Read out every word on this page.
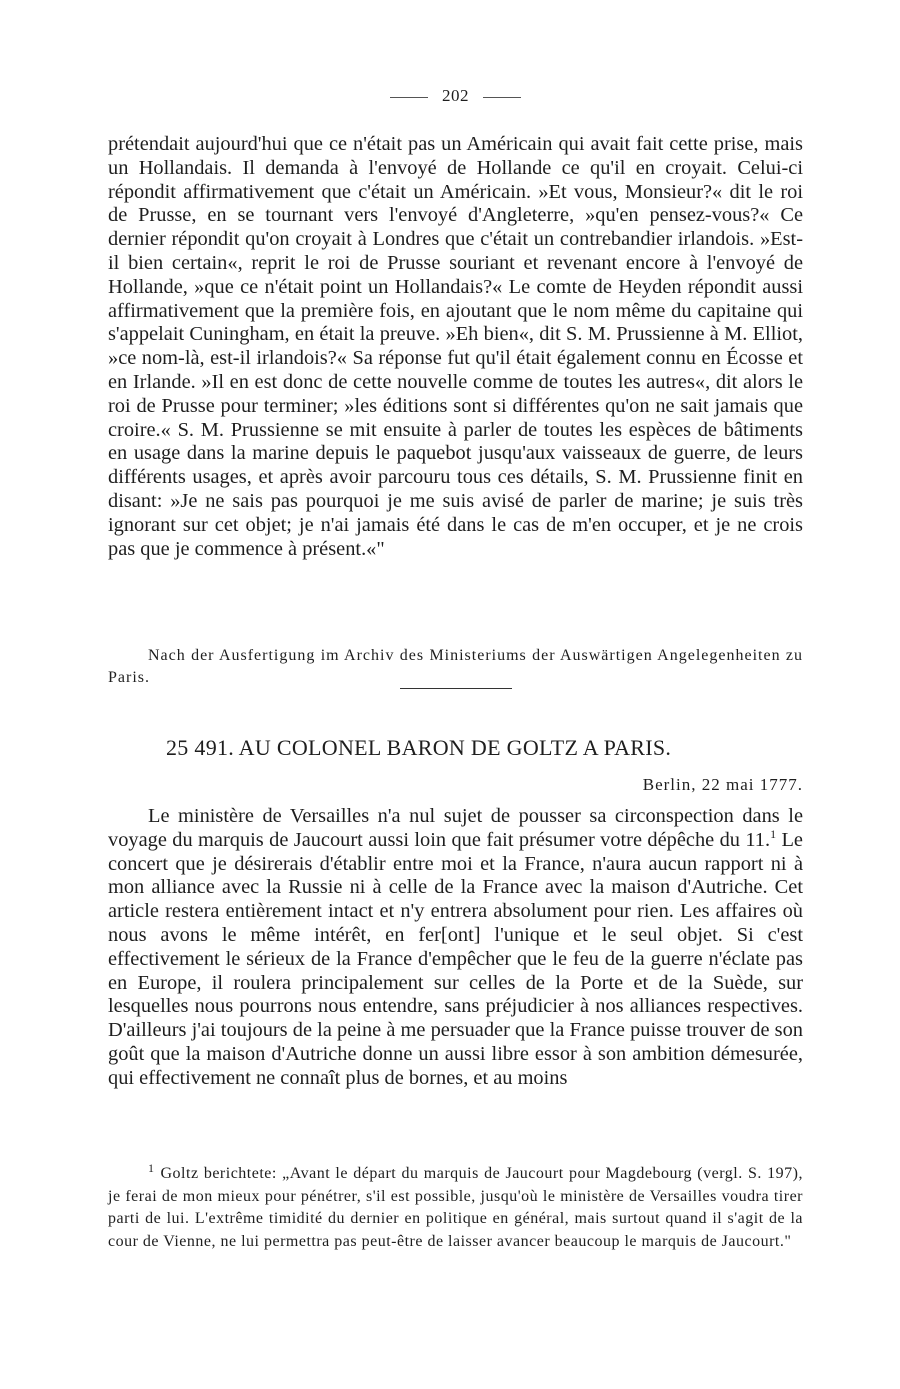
202

prétendait aujourd'hui que ce n'était pas un Américain qui avait fait cette prise, mais un Hollandais. Il demanda à l'envoyé de Hollande ce qu'il en croyait. Celui-ci répondit affirmativement que c'était un Américain. »Et vous, Monsieur?« dit le roi de Prusse, en se tournant vers l'envoyé d'Angleterre, »qu'en pensez-vous?« Ce dernier répondit qu'on croyait à Londres que c'était un contrebandier irlandois. »Est-il bien certain«, reprit le roi de Prusse souriant et revenant encore à l'envoyé de Hollande, »que ce n'était point un Hollandais?« Le comte de Heyden répondit aussi affirmativement que la première fois, en ajoutant que le nom même du capitaine qui s'appelait Cuningham, en était la preuve. »Eh bien«, dit S. M. Prussienne à M. Elliot, »ce nom-là, est-il irlandois?« Sa réponse fut qu'il était également connu en Écosse et en Irlande. »Il en est donc de cette nouvelle comme de toutes les autres«, dit alors le roi de Prusse pour terminer; »les éditions sont si différentes qu'on ne sait jamais que croire.« S. M. Prussienne se mit ensuite à parler de toutes les espèces de bâtiments en usage dans la marine depuis le paquebot jusqu'aux vaisseaux de guerre, de leurs différents usages, et après avoir parcouru tous ces détails, S. M. Prussienne finit en disant: »Je ne sais pas pourquoi je me suis avisé de parler de marine; je suis très ignorant sur cet objet; je n'ai jamais été dans le cas de m'en occuper, et je ne crois pas que je commence à présent.«"

Nach der Ausfertigung im Archiv des Ministeriums der Auswärtigen Angelegenheiten zu Paris.
25 491. AU COLONEL BARON DE GOLTZ A PARIS.
Berlin, 22 mai 1777.

Le ministère de Versailles n'a nul sujet de pousser sa circonspection dans le voyage du marquis de Jaucourt aussi loin que fait présumer votre dépêche du 11.$^1$ Le concert que je désirerais d'établir entre moi et la France, n'aura aucun rapport ni à mon alliance avec la Russie ni à celle de la France avec la maison d'Autriche. Cet article restera entièrement intact et n'y entrera absolument pour rien. Les affaires où nous avons le même intérêt, en fer[ont] l'unique et le seul objet. Si c'est effectivement le sérieux de la France d'empêcher que le feu de la guerre n'éclate pas en Europe, il roulera principalement sur celles de la Porte et de la Suède, sur lesquelles nous pourrons nous entendre, sans préjudicier à nos alliances respectives. D'ailleurs j'ai toujours de la peine à me persuader que la France puisse trouver de son goût que la maison d'Autriche donne un aussi libre essor à son ambition démesurée, qui effectivement ne connaît plus de bornes, et au moins

$^1$ Goltz berichtete: „Avant le départ du marquis de Jaucourt pour Magdebourg (vergl. S. 197), je ferai de mon mieux pour pénétrer, s'il est possible, jusqu'où le ministère de Versailles voudra tirer parti de lui. L'extrême timidité du dernier en politique en général, mais surtout quand il s'agit de la cour de Vienne, ne lui permettra pas peut-être de laisser avancer beaucoup le marquis de Jaucourt."
